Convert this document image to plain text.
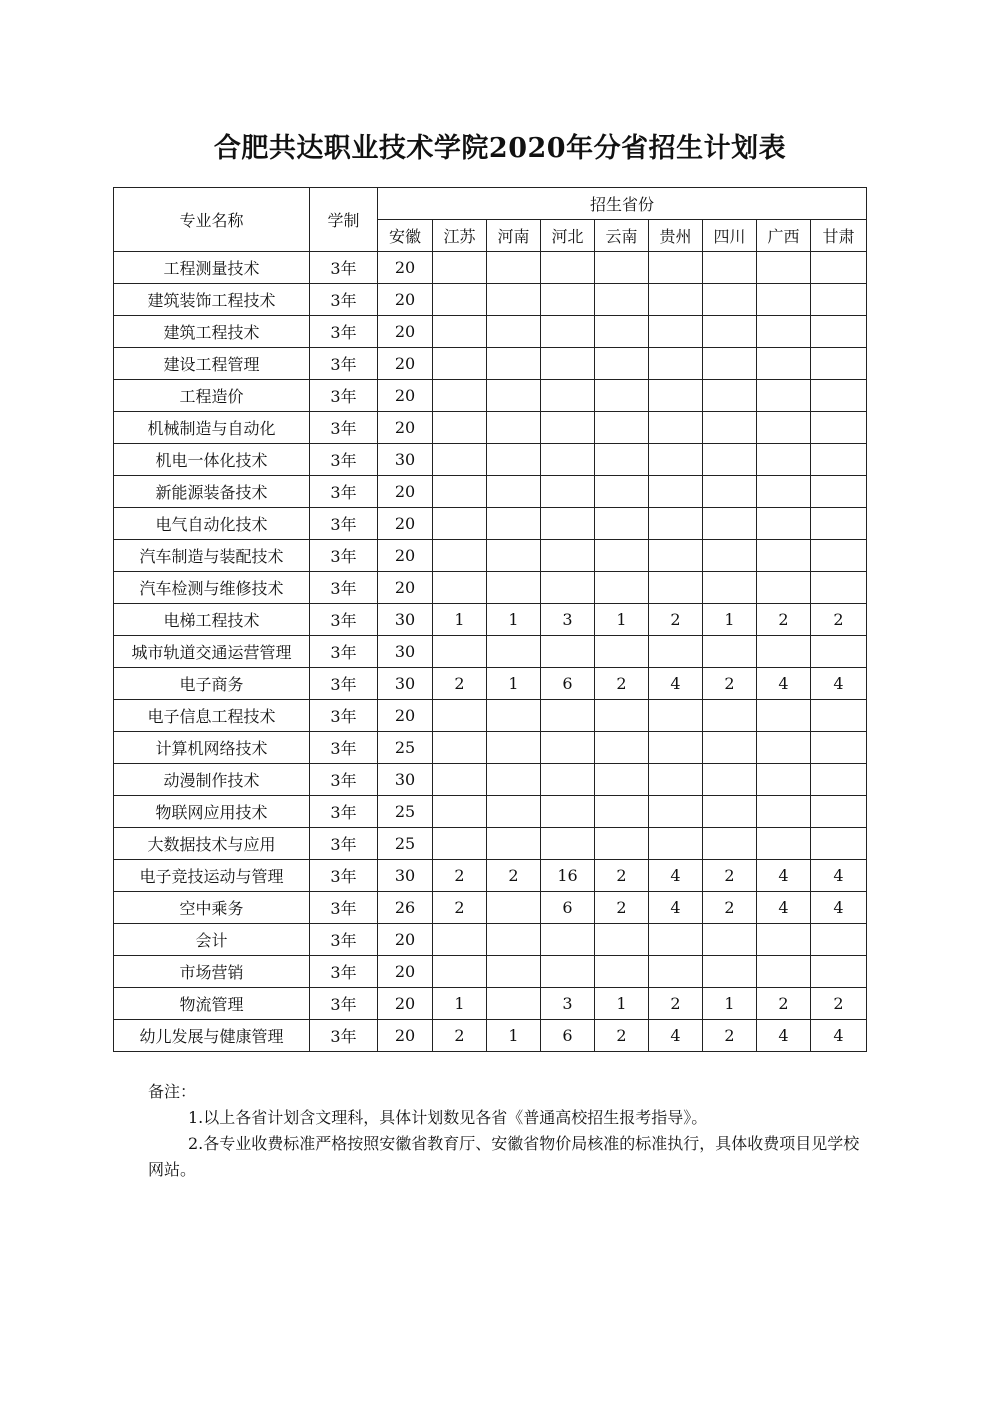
合肥共达职业技术学院2020年分省招生计划表
专业名称	学制	招生省份								
		安徽	江苏	河南	河北	云南	贵州	四川	广西	甘肃
工程测量技术	3年	20								
建筑装饰工程技术	3年	20								
建筑工程技术	3年	20								
建设工程管理	3年	20								
工程造价	3年	20								
机械制造与自动化	3年	20								
机电一体化技术	3年	30								
新能源装备技术	3年	20								
电气自动化技术	3年	20								
汽车制造与装配技术	3年	20								
汽车检测与维修技术	3年	20								
电梯工程技术	3年	30	1	1	3	1	2	1	2	2
城市轨道交通运营管理	3年	30								
电子商务	3年	30	2	1	6	2	4	2	4	4
电子信息工程技术	3年	20								
计算机网络技术	3年	25								
动漫制作技术	3年	30								
物联网应用技术	3年	25								
大数据技术与应用	3年	25								
电子竞技运动与管理	3年	30	2	2	16	2	4	2	4	4
空中乘务	3年	26	2		6	2	4	2	4	4
会计	3年	20								
市场营销	3年	20								
物流管理	3年	20	1		3	1	2	1	2	2
幼儿发展与健康管理	3年	20	2	1	6	2	4	2	4	4
备注：
1.以上各省计划含文理科，具体计划数见各省《普通高校招生报考指导》。
2.各专业收费标准严格按照安徽省教育厅、安徽省物价局核准的标准执行，具体收费项目见学校网站。
